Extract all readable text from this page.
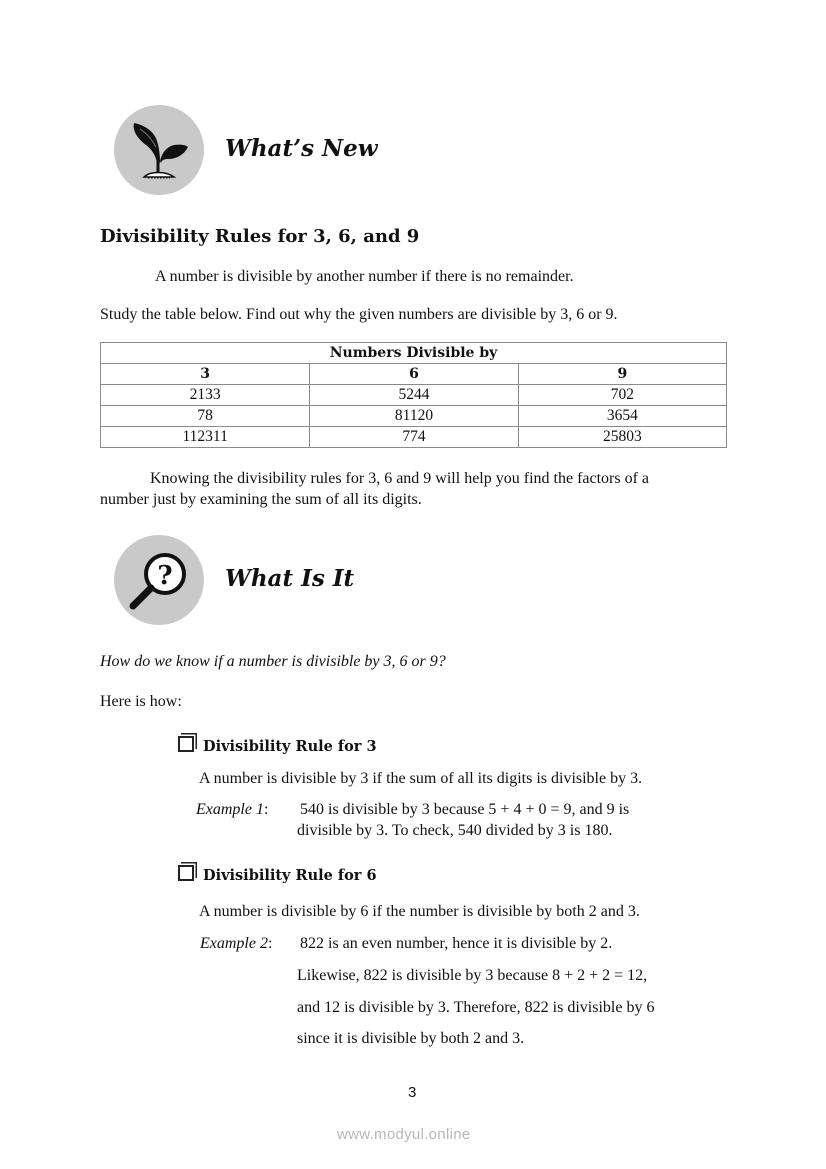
What’s New
Divisibility Rules for 3, 6, and 9
A number is divisible by another number if there is no remainder.
Study the table below. Find out why the given numbers are divisible by 3, 6 or 9.
Numbers Divisible by		
3	6	9
2133	5244	702
78	81120	3654
112311	774	25803
Knowing the divisibility rules for 3, 6 and 9 will help you find the factors of a
number just by examining the sum of all its digits.
? What Is It
How do we know if a number is divisible by 3, 6 or 9?
Here is how:
Divisibility Rule for 3
A number is divisible by 3 if the sum of all its digits is divisible by 3.
Example 1: 540 is divisible by 3 because 5 + 4 + 0 = 9, and 9 is
divisible by 3. To check, 540 divided by 3 is 180.
Divisibility Rule for 6
A number is divisible by 6 if the number is divisible by both 2 and 3.
Example 2: 822 is an even number, hence it is divisible by 2.
Likewise, 822 is divisible by 3 because 8 + 2 + 2 = 12,
and 12 is divisible by 3. Therefore, 822 is divisible by 6
since it is divisible by both 2 and 3.
3
www.modyul.online
